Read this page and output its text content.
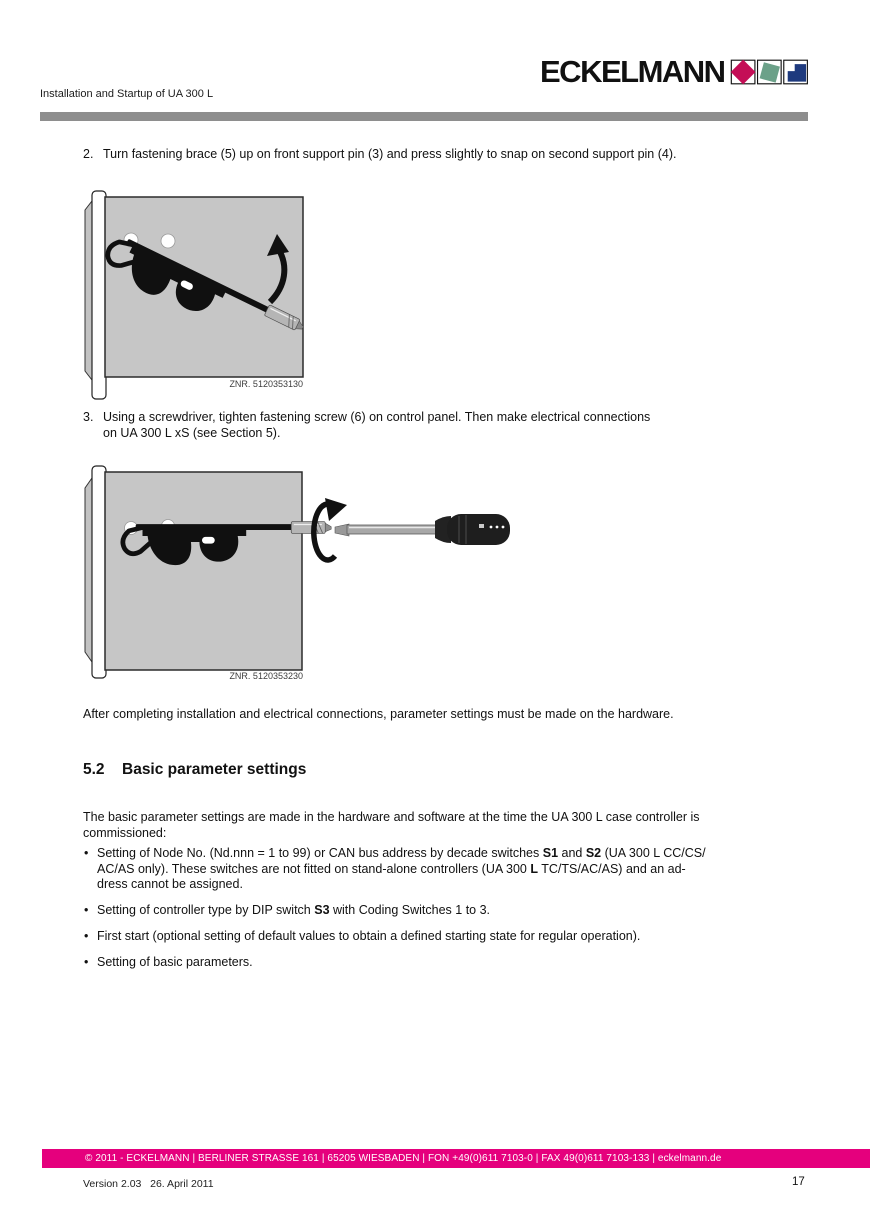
ECKELMANN
Installation and Startup of UA 300 L
2. Turn fastening brace (5) up on front support pin (3) and press slightly to snap on second support pin (4).
ZNR. 5120353130
3. Using a screwdriver, tighten fastening screw (6) on control panel. Then make electrical connections
on UA 300 L xS (see Section 5).
ZNR. 5120353230
After completing installation and electrical connections, parameter settings must be made on the hardware.
5.2 Basic parameter settings
The basic parameter settings are made in the hardware and software at the time the UA 300 L case controller is
commissioned:
• Setting of Node No. (Nd.nnn = 1 to 99) or CAN bus address by decade switches S1 and S2 (UA 300 L CC/CS/
AC/AS only). These switches are not fitted on stand-alone controllers (UA 300 L TC/TS/AC/AS) and an ad-
dress cannot be assigned.
• Setting of controller type by DIP switch S3 with Coding Switches 1 to 3.
• First start (optional setting of default values to obtain a defined starting state for regular operation).
• Setting of basic parameters.
© 2011 - ECKELMANN | BERLINER STRASSE 161 | 65205 WIESBADEN | FON +49(0)611 7103-0 | FAX 49(0)611 7103-133 | eckelmann.de
Version 2.03   26. April 2011	17
